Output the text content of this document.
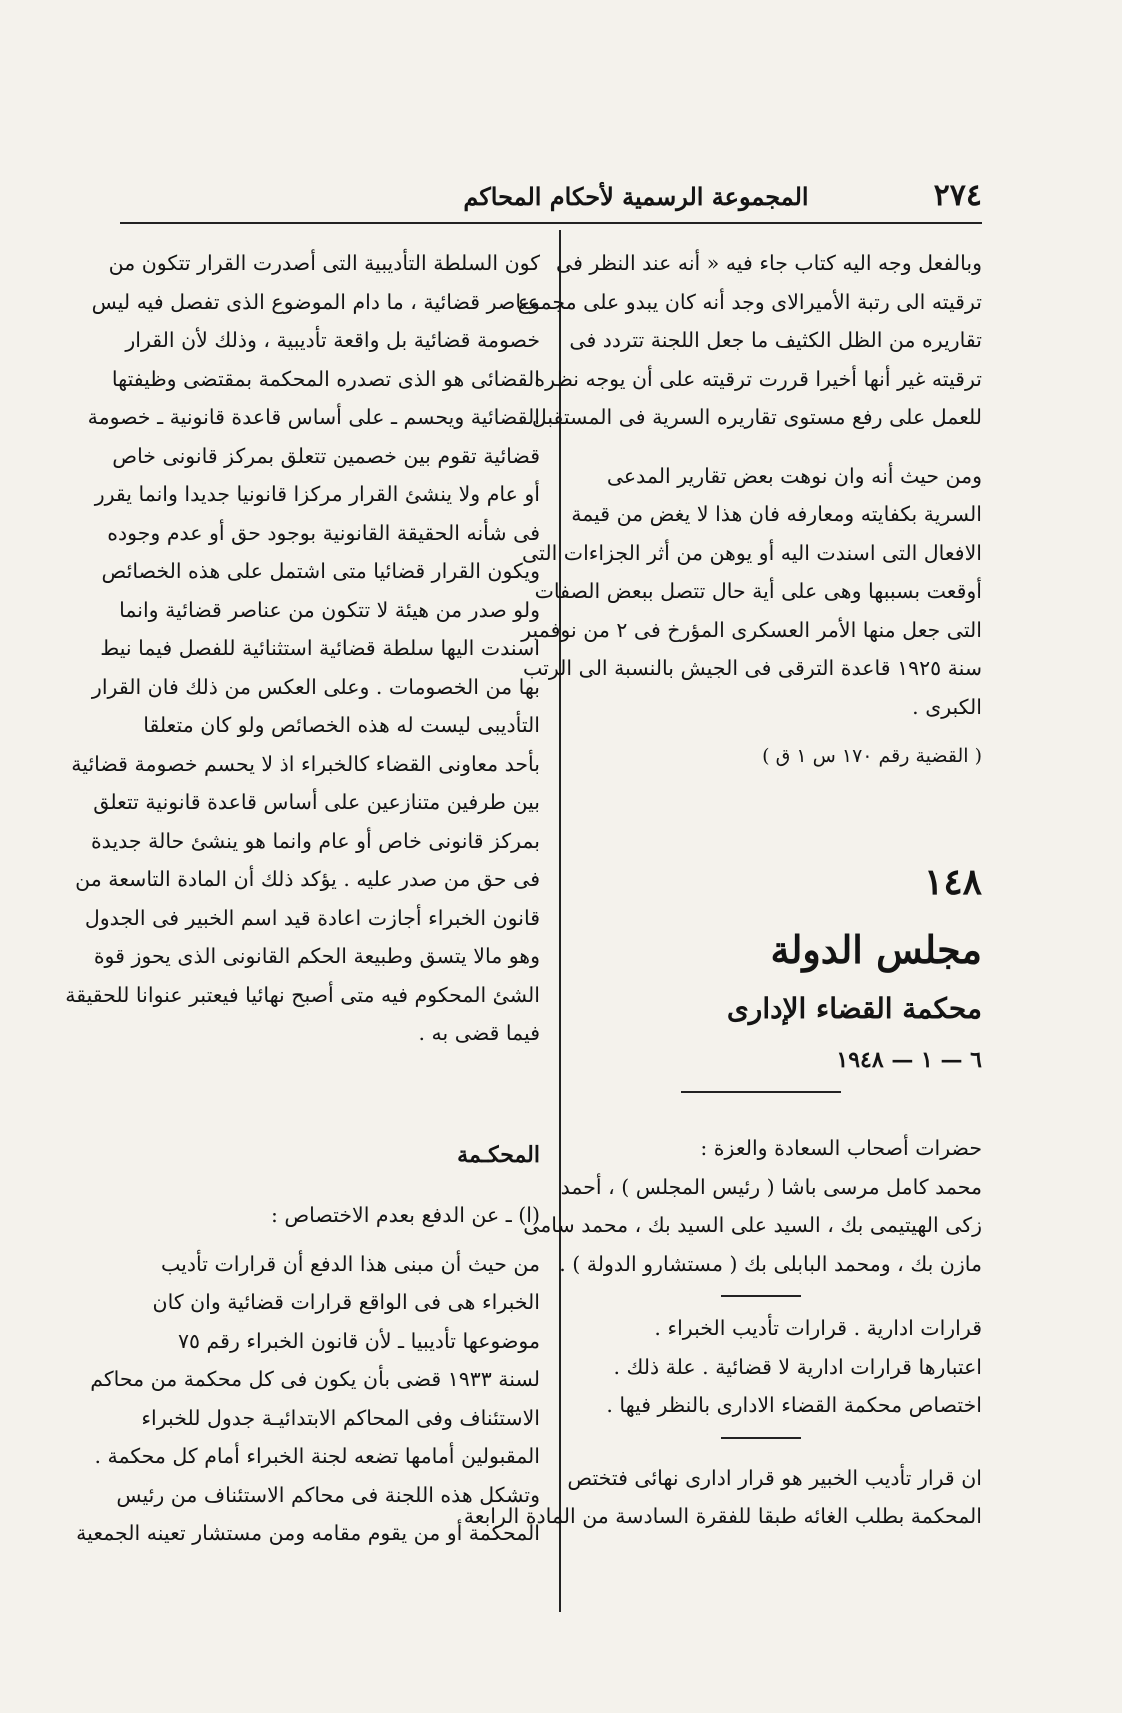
٢٧٤
المجموعة الرسمية لأحكام المحاكم
وبالفعل وجه اليه كتاب جاء فيه « أنه عند النظر فى
ترقيته الى رتبة الأميرالاى وجد أنه كان يبدو على مجموع
تقاريره من الظل الكثيف ما جعل اللجنة تتردد فى
ترقيته غير أنها أخيرا قررت ترقيته على أن يوجه نظره
للعمل على رفع مستوى تقاريره السرية فى المستقبل .
ومن حيث أنه وان نوهت بعض تقارير المدعى
السرية بكفايته ومعارفه فان هذا لا يغض من قيمة
الافعال التى اسندت اليه أو يوهن من أثر الجزاءات التى
أوقعت بسببها وهى على أية حال تتصل ببعض الصفات
التى جعل منها الأمر العسكرى المؤرخ فى ٢ من نوفمبر
سنة ١٩٢٥ قاعدة الترقى فى الجيش بالنسبة الى الرتب
الكبرى .
( القضية رقم ١٧٠ س ١ ق )
١٤٨
مجلس الدولة
محكمة القضاء الإدارى
٦ — ١ — ١٩٤٨
حضرات أصحاب السعادة والعزة :
محمد كامل مرسى باشا ( رئيس المجلس ) ، أحمد
زكى الهيتيمى بك ، السيد على السيد بك ، محمد سامى
مازن بك ، ومحمد البابلى بك ( مستشارو الدولة ) .
قرارات ادارية . قرارات تأديب الخبراء .
اعتبارها قرارات ادارية لا قضائية . علة ذلك .
اختصاص محكمة القضاء الادارى بالنظر فيها .
ان قرار تأديب الخبير هو قرار ادارى نهائى فتختص
المحكمة بطلب الغائه طبقا للفقرة السادسة من المادة الرابعة
كون السلطة التأديبية التى أصدرت القرار تتكون من
عناصر قضائية ، ما دام الموضوع الذى تفصل فيه ليس
خصومة قضائية بل واقعة تأديبية ، وذلك لأن القرار
القضائى هو الذى تصدره المحكمة بمقتضى وظيفتها
القضائية ويحسم ـ على أساس قاعدة قانونية ـ خصومة
قضائية تقوم بين خصمين تتعلق بمركز قانونى خاص
أو عام ولا ينشئ القرار مركزا قانونيا جديدا وانما يقرر
فى شأنه الحقيقة القانونية بوجود حق أو عدم وجوده
ويكون القرار قضائيا متى اشتمل على هذه الخصائص
ولو صدر من هيئة لا تتكون من عناصر قضائية وانما
اسندت اليها سلطة قضائية استثنائية للفصل فيما نيط
بها من الخصومات . وعلى العكس من ذلك فان القرار
التأديبى ليست له هذه الخصائص ولو كان متعلقا
بأحد معاونى القضاء كالخبراء اذ لا يحسم خصومة قضائية
بين طرفين متنازعين على أساس قاعدة قانونية تتعلق
بمركز قانونى خاص أو عام وانما هو ينشئ حالة جديدة
فى حق من صدر عليه . يؤكد ذلك أن المادة التاسعة من
قانون الخبراء أجازت اعادة قيد اسم الخبير فى الجدول
وهو مالا يتسق وطبيعة الحكم القانونى الذى يحوز قوة
الشئ المحكوم فيه متى أصبح نهائيا فيعتبر عنوانا للحقيقة
فيما قضى به .
المحكـمة
(ا) ـ عن الدفع بعدم الاختصاص :
من حيث أن مبنى هذا الدفع أن قرارات تأديب
الخبراء هى فى الواقع قرارات قضائية وان كان
موضوعها تأديبيا ـ لأن قانون الخبراء رقم ٧٥
لسنة ١٩٣٣ قضى بأن يكون فى كل محكمة من محاكم
الاستئناف وفى المحاكم الابتدائيـة جدول للخبراء
المقبولين أمامها تضعه لجنة الخبراء أمام كل محكمة .
وتشكل هذه اللجنة فى محاكم الاستئناف من رئيس
المحكمة أو من يقوم مقامه ومن مستشار تعينه الجمعية
